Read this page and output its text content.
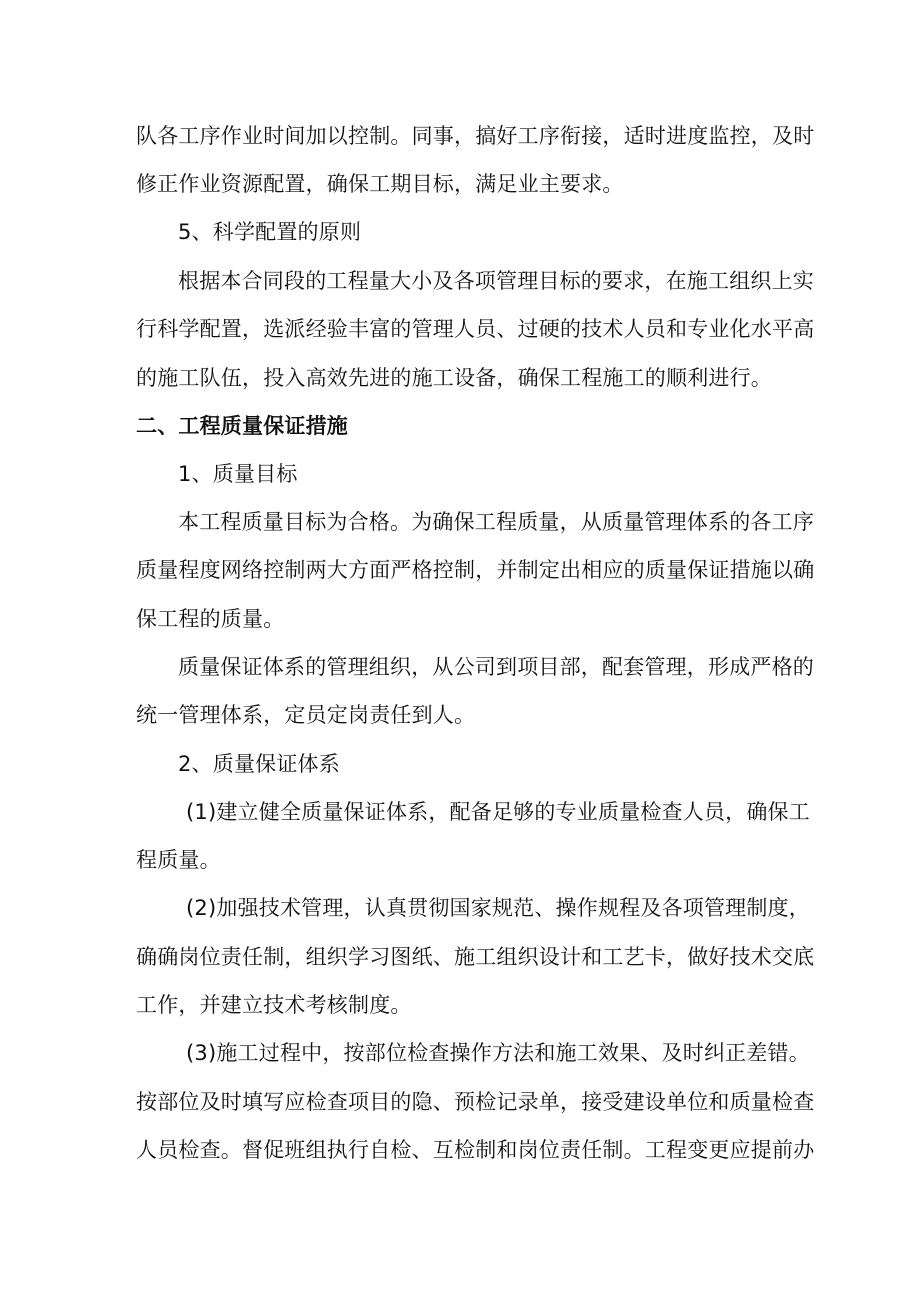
队各工序作业时间加以控制。同事，搞好工序衔接，适时进度监控，及时
修正作业资源配置，确保工期目标，满足业主要求。
5、科学配置的原则
根据本合同段的工程量大小及各项管理目标的要求，在施工组织上实
行科学配置，选派经验丰富的管理人员、过硬的技术人员和专业化水平高
的施工队伍，投入高效先进的施工设备，确保工程施工的顺利进行。
二、工程质量保证措施
1、质量目标
本工程质量目标为合格。为确保工程质量，从质量管理体系的各工序
质量程度网络控制两大方面严格控制，并制定出相应的质量保证措施以确
保工程的质量。
质量保证体系的管理组织，从公司到项目部，配套管理，形成严格的
统一管理体系，定员定岗责任到人。
2、质量保证体系
(1)建立健全质量保证体系，配备足够的专业质量检查人员，确保工
程质量。
(2)加强技术管理，认真贯彻国家规范、操作规程及各项管理制度，
确确岗位责任制，组织学习图纸、施工组织设计和工艺卡，做好技术交底
工作，并建立技术考核制度。
(3)施工过程中，按部位检查操作方法和施工效果、及时纠正差错。
按部位及时填写应检查项目的隐、预检记录单，接受建设单位和质量检查
人员检查。督促班组执行自检、互检制和岗位责任制。工程变更应提前办
